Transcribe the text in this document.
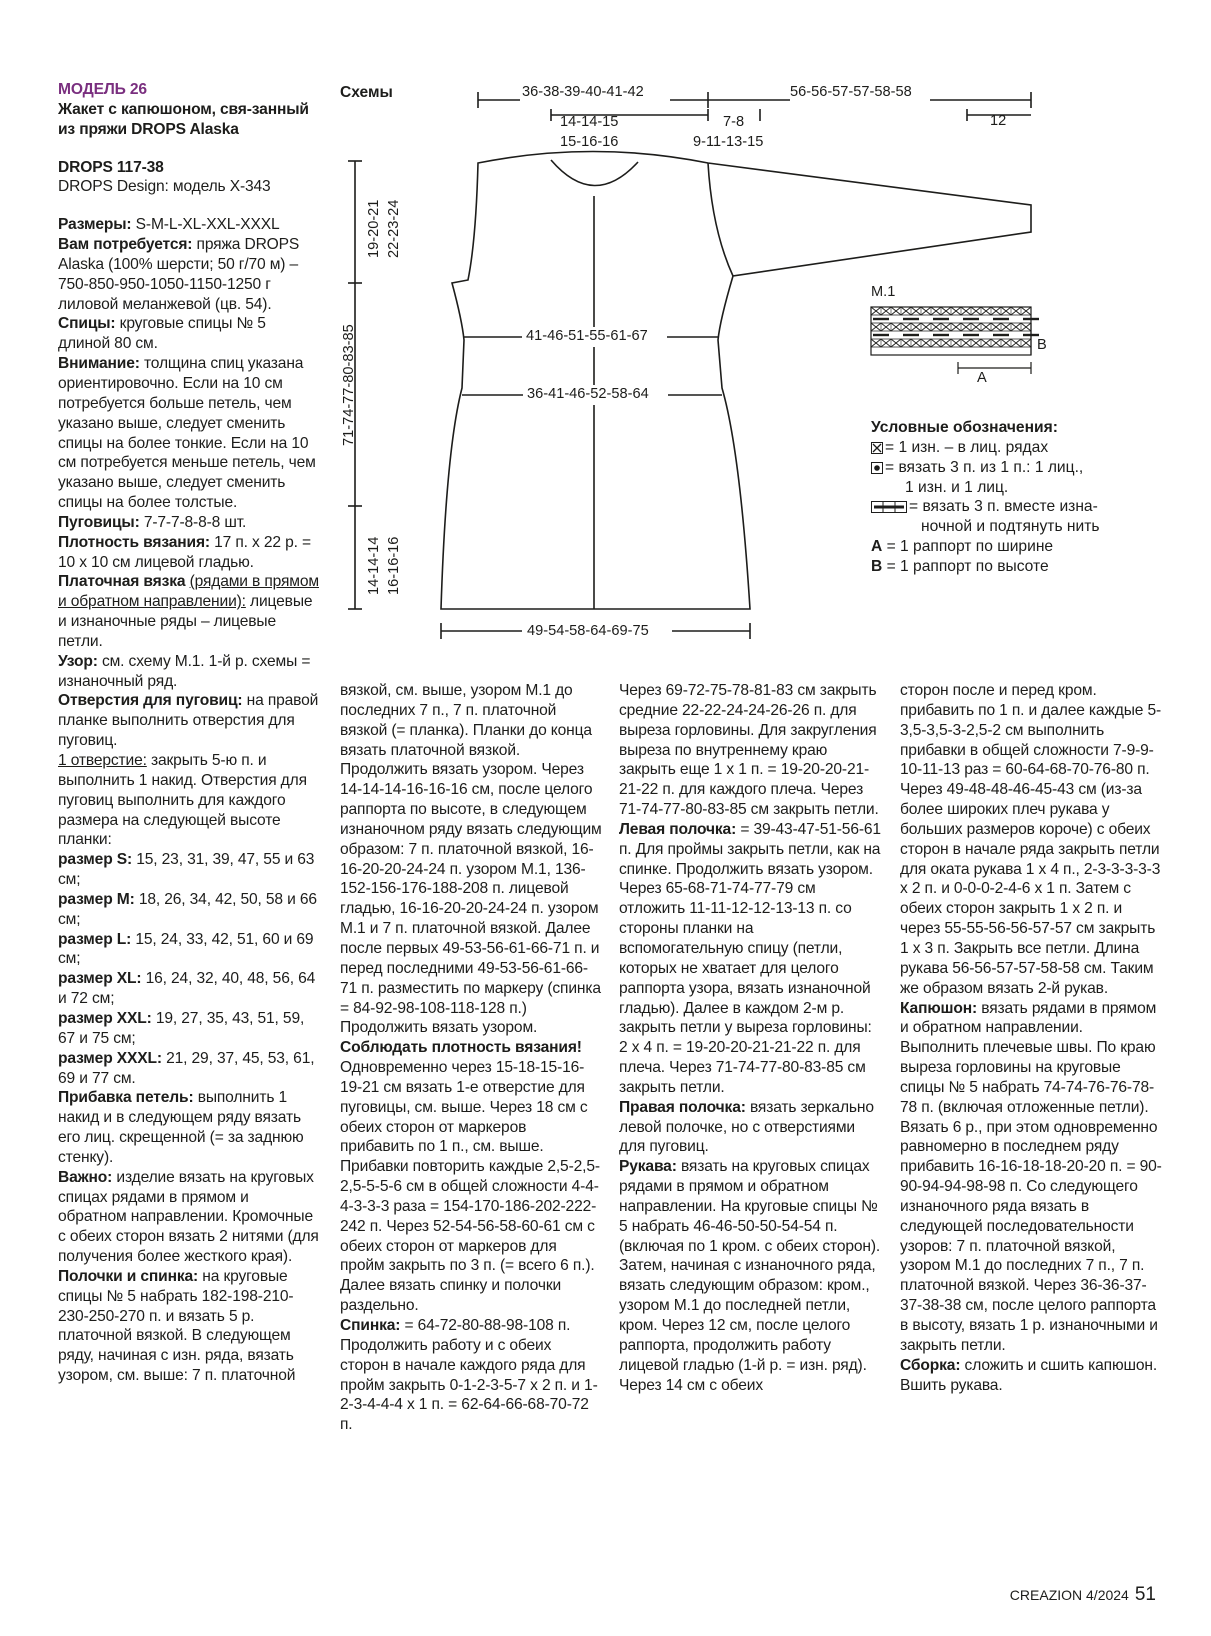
МОДЕЛЬ 26

Жакет с капюшоном, свя-занный из пряжи DROPS Alaska

DROPS 117-38

DROPS Design: модель X-343

Размеры: S-M-L-XL-XXL-XXXL

Вам потребуется: пряжа DROPS Alaska (100% шерсти; 50 г/70 м) – 750-850-950-1050-1150-1250 г лиловой меланжевой (цв. 54).

Спицы: круговые спицы № 5 длиной 80 см.

Внимание: толщина спиц указана ориентировочно. Если на 10 см потребуется больше петель, чем указано выше, следует сменить спицы на более тонкие. Если на 10 см потребуется меньше петель, чем указано выше, следует сменить спицы на более толстые.

Пуговицы: 7-7-7-8-8-8 шт.

Плотность вязания: 17 п. x 22 р. = 10 x 10 см лицевой гладью.

Платочная вязка (рядами в прямом и обратном направлении): лицевые и изнаночные ряды – лицевые петли.

Узор: см. схему М.1. 1-й р. схемы = изнаночный ряд.

Отверстия для пуговиц: на правой планке выполнить отверстия для пуговиц.

1 отверстие: закрыть 5-ю п. и выполнить 1 накид. Отверстия для пуговиц выполнить для каждого размера на следующей высоте планки:

размер S: 15, 23, 31, 39, 47, 55 и 63 см;

размер M: 18, 26, 34, 42, 50, 58 и 66 см;

размер L: 15, 24, 33, 42, 51, 60 и 69 см;

размер XL: 16, 24, 32, 40, 48, 56, 64 и 72 см;

размер XXL: 19, 27, 35, 43, 51, 59, 67 и 75 см;

размер XXXL: 21, 29, 37, 45, 53, 61, 69 и 77 см.

Прибавка петель: выполнить 1 накид и в следующем ряду вязать его лиц. скрещенной (= за заднюю стенку).

Важно: изделие вязать на круговых спицах рядами в прямом и обратном направлении. Кромочные с обеих сторон вязать 2 нитями (для получения более жесткого края).

Полочки и спинка: на круговые спицы № 5 набрать 182-198-210-230-250-270 п. и вязать 5 р. платочной вязкой. В следующем ряду, начиная с изн. ряда, вязать узором, см. выше: 7 п. платочной

вязкой, см. выше, узором М.1 до последних 7 п., 7 п. платочной вязкой (= планка). Планки до конца вязать платочной вязкой. Продолжить вязать узором. Через 14-14-14-16-16-16 см, после целого раппорта по высоте, в следующем изнаночном ряду вязать следующим образом: 7 п. платочной вязкой, 16-16-20-20-24-24 п. узором М.1, 136-152-156-176-188-208 п. лицевой гладью, 16-16-20-20-24-24 п. узором М.1 и 7 п. платочной вязкой. Далее после первых 49-53-56-61-66-71 п. и перед последними 49-53-56-61-66-71 п. разместить по маркеру (спинка = 84-92-98-108-118-128 п.) Продолжить вязать узором. Соблюдать плотность вязания!

Одновременно через 15-18-15-16-19-21 см вязать 1-е отверстие для пуговицы, см. выше. Через 18 см с обеих сторон от маркеров прибавить по 1 п., см. выше. Прибавки повторить каждые 2,5-2,5-2,5-5-5-6 см в общей сложности 4-4-4-3-3-3 раза = 154-170-186-202-222-242 п. Через 52-54-56-58-60-61 см с обеих сторон от маркеров для пройм закрыть по 3 п. (= всего 6 п.). Далее вязать спинку и полочки раздельно.

Спинка: = 64-72-80-88-98-108 п. Продолжить работу и с обеих сторон в начале каждого ряда для пройм закрыть 0-1-2-3-5-7 x 2 п. и 1-2-3-4-4-4 x 1 п. = 62-64-66-68-70-72 п.

Через 69-72-75-78-81-83 см закрыть средние 22-22-24-24-26-26 п. для выреза горловины. Для закругления выреза по внутреннему краю закрыть еще 1 x 1 п. = 19-20-20-21-21-22 п. для каждого плеча. Через 71-74-77-80-83-85 см закрыть петли.

Левая полочка: = 39-43-47-51-56-61 п. Для проймы закрыть петли, как на спинке. Продолжить вязать узором. Через 65-68-71-74-77-79 см отложить 11-11-12-12-13-13 п. со стороны планки на вспомогательную спицу (петли, которых не хватает для целого раппорта узора, вязать изнаночной гладью). Далее в каждом 2-м р. закрыть петли у выреза горловины: 2 x 4 п. = 19-20-20-21-21-22 п. для плеча. Через 71-74-77-80-83-85 см закрыть петли.

Правая полочка: вязать зеркально левой полочке, но с отверстиями для пуговиц.

Рукава: вязать на круговых спицах рядами в прямом и обратном направлении. На круговые спицы № 5 набрать 46-46-50-50-54-54 п. (включая по 1 кром. с обеих сторон). Затем, начиная с изнаночного ряда, вязать следующим образом: кром., узором М.1 до последней петли, кром. Через 12 см, после целого раппорта, продолжить работу лицевой гладью (1-й р. = изн. ряд). Через 14 см с обеих

сторон после и перед кром. прибавить по 1 п. и далее каждые 5-3,5-3,5-3-2,5-2 см выполнить прибавки в общей сложности 7-9-9-10-11-13 раз = 60-64-68-70-76-80 п. Через 49-48-48-46-45-43 см (из-за более широких плеч рукава у больших размеров короче) с обеих сторон в начале ряда закрыть петли для оката рукава 1 x 4 п., 2-3-3-3-3-3 x 2 п. и 0-0-0-2-4-6 x 1 п. Затем с обеих сторон закрыть 1 x 2 п. и через 55-55-56-56-57-57 см закрыть 1 x 3 п. Закрыть все петли. Длина рукава 56-56-57-57-58-58 см. Таким же образом вязать 2-й рукав.

Капюшон: вязать рядами в прямом и обратном направлении. Выполнить плечевые швы. По краю выреза горловины на круговые спицы № 5 набрать 74-74-76-76-78-78 п. (включая отложенные петли). Вязать 6 р., при этом одновременно равномерно в последнем ряду прибавить 16-16-18-18-20-20 п. = 90-90-94-94-98-98 п. Со следующего изнаночного ряда вязать в следующей последовательности узоров: 7 п. платочной вязкой, узором М.1 до последних 7 п., 7 п. платочной вязкой. Через 36-36-37-37-38-38 см, после целого раппорта в высоту, вязать 1 р. изнаночными и закрыть петли.

Сборка: сложить и сшить капюшон. Вшить рукава.

Схемы	36-38-39-40-41-42	56-56-57-57-58-58
14-14-15
15-16-16
7-8
9-11-13-15
12
19-20-21 22-23-24
71-74-77-80-83-85
14-14-14 16-16-16
41-46-51-55-61-67
36-41-46-52-58-64
49-54-58-64-69-75
М.1
B
A

Условные обозначения:

= 1 изн. – в лиц. рядах

= вязать 3 п. из 1 п.: 1 лиц.,

1 изн. и 1 лиц.

= вязать 3 п. вместе изна-

ночной и подтянуть нить

A = 1 раппорт по ширине

B = 1 раппорт по высоте

CREAZION 4/2024 51
